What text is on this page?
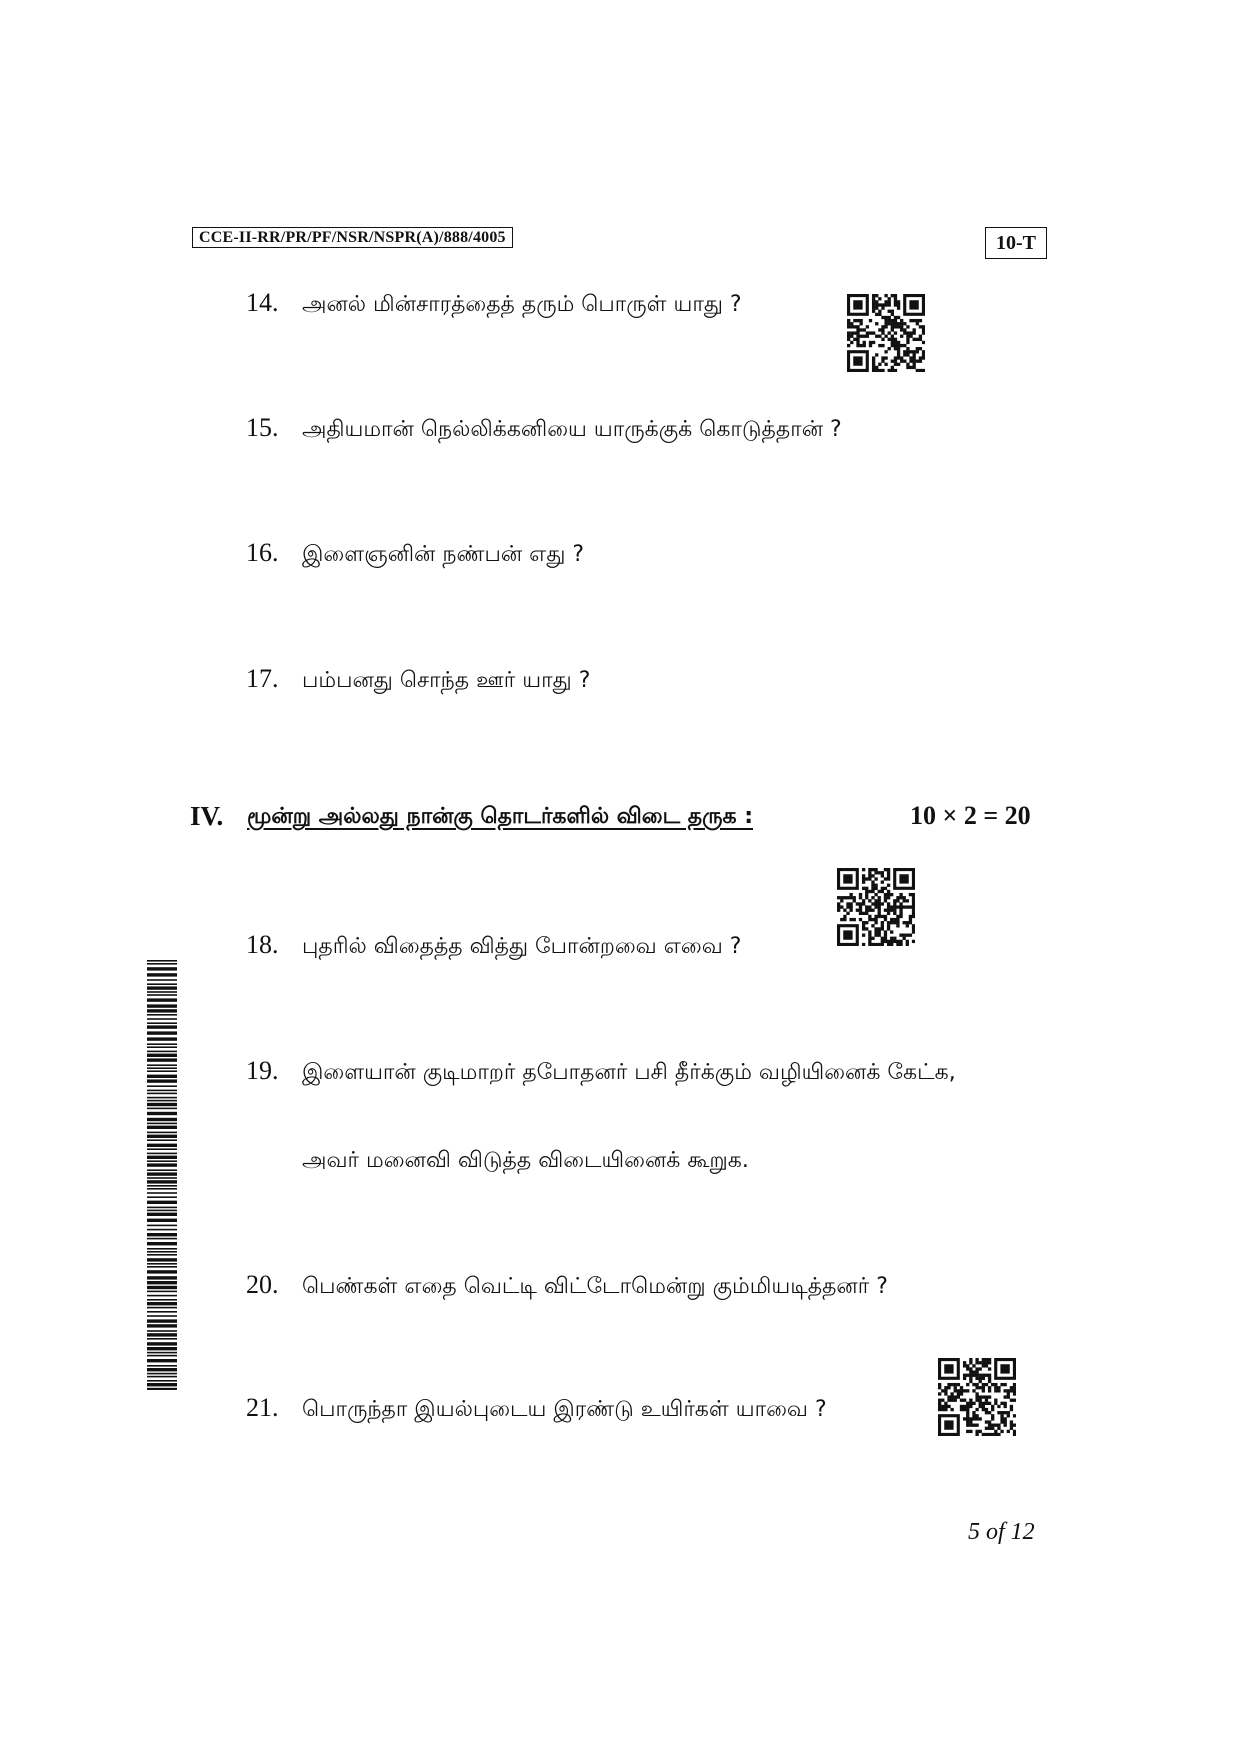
CCE-II-RR/PR/PF/NSR/NSPR(A)/888/4005	10-T
14.	அனல் மின்சாரத்தைத் தரும் பொருள் யாது ?
15.	அதியமான் நெல்லிக்கனியை யாருக்குக் கொடுத்தான் ?
16.	இளைஞனின் நண்பன் எது ?
17.	பம்பனது சொந்த ஊர் யாது ?
IV. மூன்று அல்லது நான்கு தொடர்களில் விடை தருக :	10 × 2 = 20
18.	புதரில் விதைத்த வித்து போன்றவை எவை ?
19.	இளையான் குடிமாறர் தபோதனர் பசி தீர்க்கும் வழியினைக் கேட்க,
அவர் மனைவி விடுத்த விடையினைக் கூறுக.
20.	பெண்கள் எதை வெட்டி விட்டோமென்று கும்மியடித்தனர் ?
21.	பொருந்தா இயல்புடைய இரண்டு உயிர்கள் யாவை ?
5 of 12
